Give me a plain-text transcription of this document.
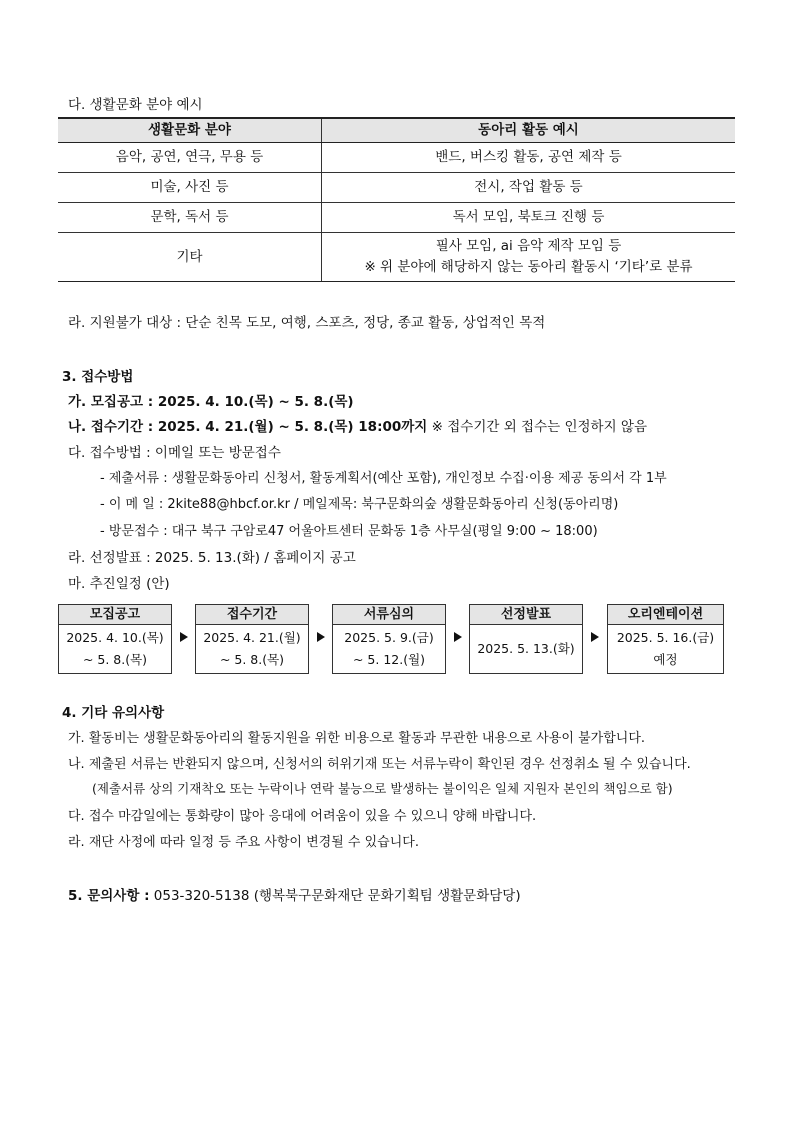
다. 생활문화 분야 예시
생활문화 분야	동아리 활동 예시
음악, 공연, 연극, 무용 등	밴드, 버스킹 활동, 공연 제작 등
미술, 사진 등	전시, 작업 활동 등
문학, 독서 등	독서 모임, 북토크 진행 등
기타	필사 모임, ai 음악 제작 모임 등
※ 위 분야에 해당하지 않는 동아리 활동시 ‘기타’로 분류
라. 지원불가 대상 : 단순 친목 도모, 여행, 스포츠, 정당, 종교 활동, 상업적인 목적
3. 접수방법
가. 모집공고 : 2025. 4. 10.(목) ~ 5. 8.(목)
나. 접수기간 : 2025. 4. 21.(월) ~ 5. 8.(목) 18:00까지 ※ 접수기간 외 접수는 인정하지 않음
다. 접수방법 : 이메일 또는 방문접수
- 제출서류 : 생활문화동아리 신청서, 활동계획서(예산 포함), 개인정보 수집·이용 제공 동의서 각 1부
- 이 메 일 : 2kite88@hbcf.or.kr / 메일제목: 북구문화의숲 생활문화동아리 신청(동아리명)
- 방문접수 : 대구 북구 구암로47 어울아트센터 문화동 1층 사무실(평일 9:00 ~ 18:00)
라. 선정발표 : 2025. 5. 13.(화) / 홈페이지 공고
마. 추진일정 (안)
모집공고
2025. 4. 10.(목)
~ 5. 8.(목)
접수기간
2025. 4. 21.(월)
~ 5. 8.(목)
서류심의
2025. 5. 9.(금)
~ 5. 12.(월)
선정발표
2025. 5. 13.(화)
오리엔테이션
2025. 5. 16.(금)
예정
4. 기타 유의사항
가. 활동비는 생활문화동아리의 활동지원을 위한 비용으로 활동과 무관한 내용으로 사용이 불가합니다.
나. 제출된 서류는 반환되지 않으며, 신청서의 허위기재 또는 서류누락이 확인된 경우 선정취소 될 수 있습니다.
(제출서류 상의 기재착오 또는 누락이나 연락 불능으로 발생하는 불이익은 일체 지원자 본인의 책임으로 함)
다. 접수 마감일에는 통화량이 많아 응대에 어려움이 있을 수 있으니 양해 바랍니다.
라. 재단 사정에 따라 일정 등 주요 사항이 변경될 수 있습니다.
5. 문의사항 : 053-320-5138 (행복북구문화재단 문화기획팀 생활문화담당)
